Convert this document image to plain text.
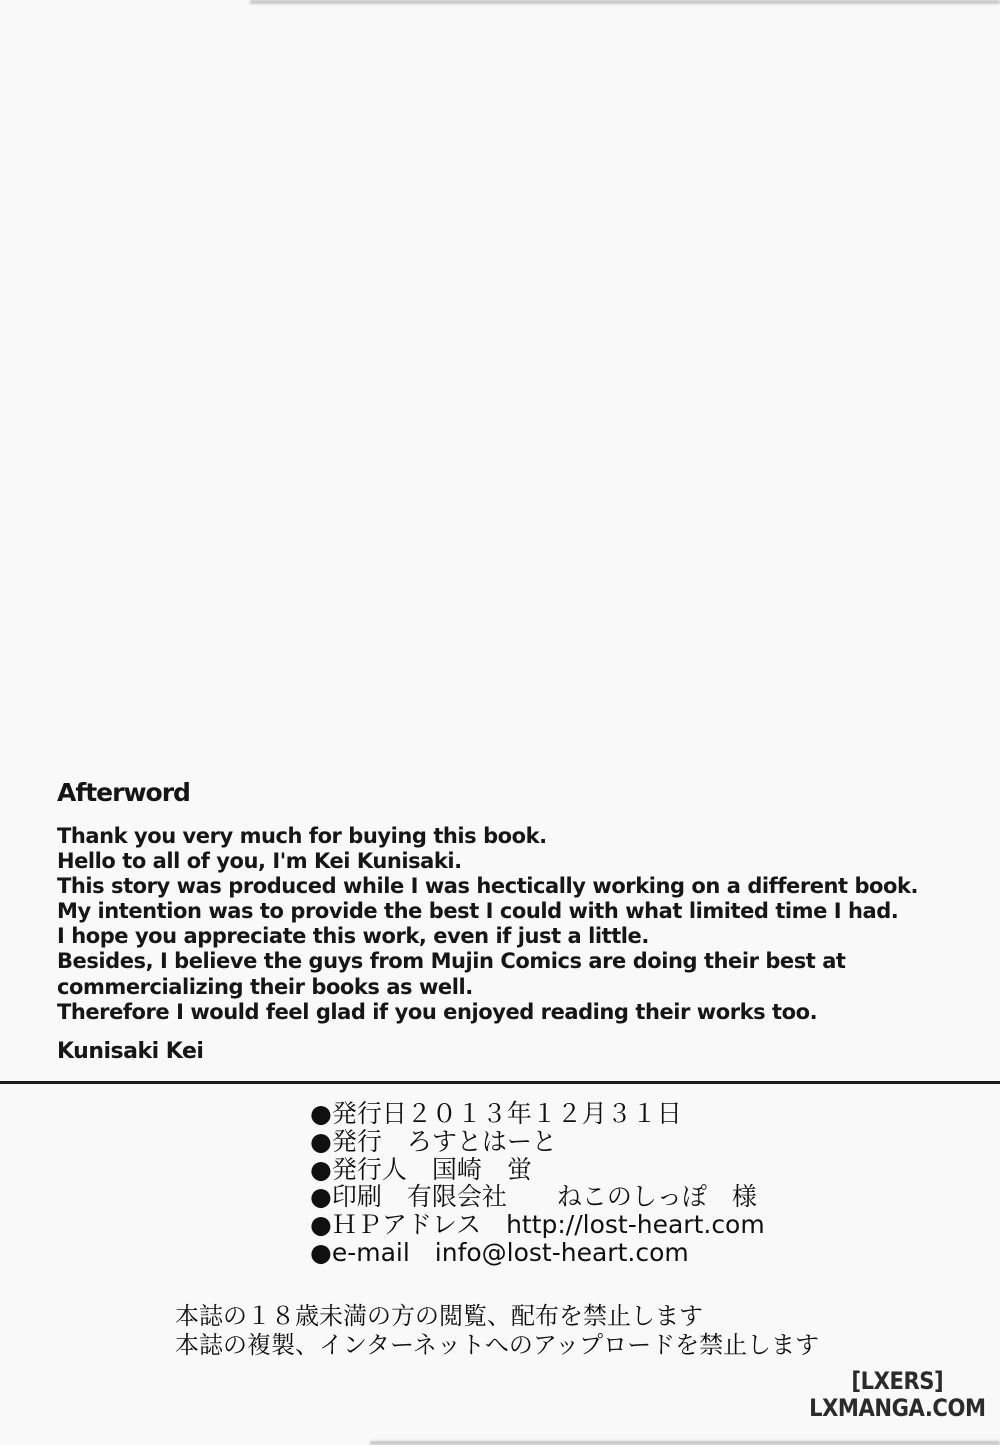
Afterword
Thank you very much for buying this book.
Hello to all of you, I'm Kei Kunisaki.
This story was produced while I was hectically working on a different book.
My intention was to provide the best I could with what limited time I had.
I hope you appreciate this work, even if just a little.
Besides, I believe the guys from Mujin Comics are doing their best at
commercializing their books as well.
Therefore I would feel glad if you enjoyed reading their works too.
Kunisaki Kei
●発行日２０１３年１２月３１日
●発行　ろすとはーと
●発行人　国崎　蛍
●印刷　有限会社　　ねこのしっぽ　様
●ＨＰアドレス　http://lost-heart.com
●e-mail　info@lost-heart.com
本誌の１８歳未満の方の閲覧、配布を禁止します
本誌の複製、インターネットへのアップロードを禁止します
[LXERS]
LXMANGA.COM
